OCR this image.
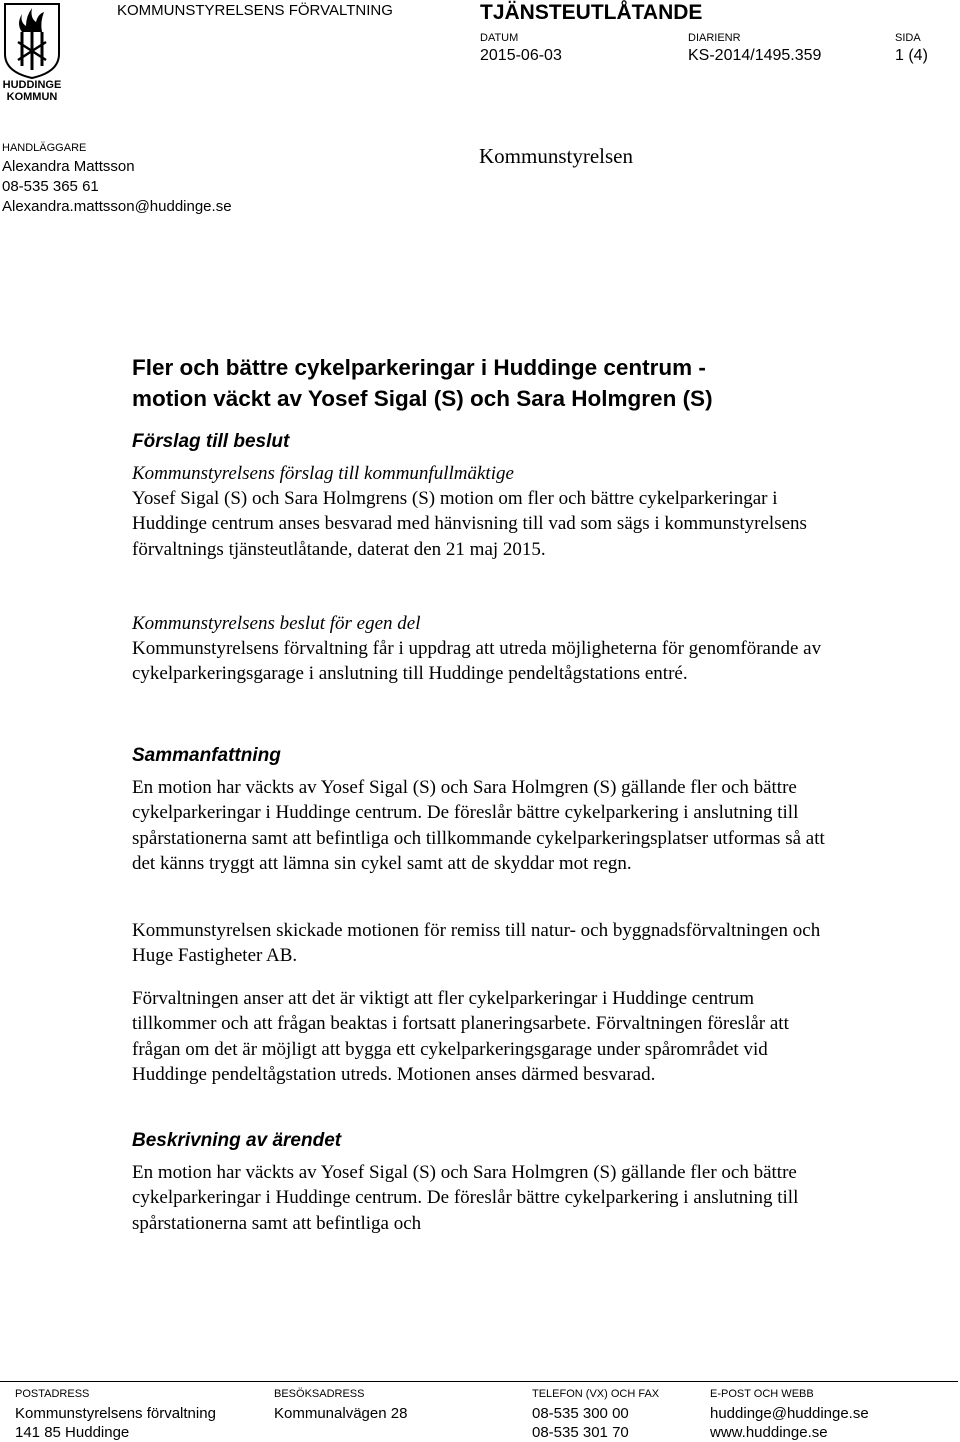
HUDDINGE
KOMMUN
KOMMUNSTYRELSENS FÖRVALTNING	TJÄNSTEUTLÅTANDE
DATUM
2015-06-03
DIARIENR
KS-2014/1495.359
SIDA
1 (4)
HANDLÄGGARE
Alexandra Mattsson
08-535 365 61
Alexandra.mattsson@huddinge.se
Kommunstyrelsen
Fler och bättre cykelparkeringar i Huddinge centrum -
motion väckt av Yosef Sigal (S) och Sara Holmgren (S)
Förslag till beslut
Kommunstyrelsens förslag till kommunfullmäktige
Yosef Sigal (S) och Sara Holmgrens (S) motion om fler och bättre cykelparkeringar i Huddinge centrum anses besvarad med hänvisning till vad som sägs i kommunstyrelsens förvaltnings tjänsteutlåtande, daterat den 21 maj 2015.
Kommunstyrelsens beslut för egen del
Kommunstyrelsens förvaltning får i uppdrag att utreda möjligheterna för genomförande av cykelparkeringsgarage i anslutning till Huddinge pendeltågstations entré.
Sammanfattning
En motion har väckts av Yosef Sigal (S) och Sara Holmgren (S) gällande fler och bättre cykelparkeringar i Huddinge centrum. De föreslår bättre cykelparkering i anslutning till spårstationerna samt att befintliga och tillkommande cykelparkeringsplatser utformas så att det känns tryggt att lämna sin cykel samt att de skyddar mot regn.
Kommunstyrelsen skickade motionen för remiss till natur- och byggnadsförvaltningen och Huge Fastigheter AB.
Förvaltningen anser att det är viktigt att fler cykelparkeringar i Huddinge centrum tillkommer och att frågan beaktas i fortsatt planeringsarbete. Förvaltningen föreslår att frågan om det är möjligt att bygga ett cykelparkeringsgarage under spårområdet vid Huddinge pendeltågstation utreds. Motionen anses därmed besvarad.
Beskrivning av ärendet
En motion har väckts av Yosef Sigal (S) och Sara Holmgren (S) gällande fler och bättre cykelparkeringar i Huddinge centrum. De föreslår bättre cykelparkering i anslutning till spårstationerna samt att befintliga och
POSTADRESS
Kommunstyrelsens förvaltning
141 85 Huddinge
BESÖKSADRESS
Kommunalvägen 28
TELEFON (VX) OCH FAX
08-535 300 00
08-535 301 70
E-POST OCH WEBB
huddinge@huddinge.se
www.huddinge.se
